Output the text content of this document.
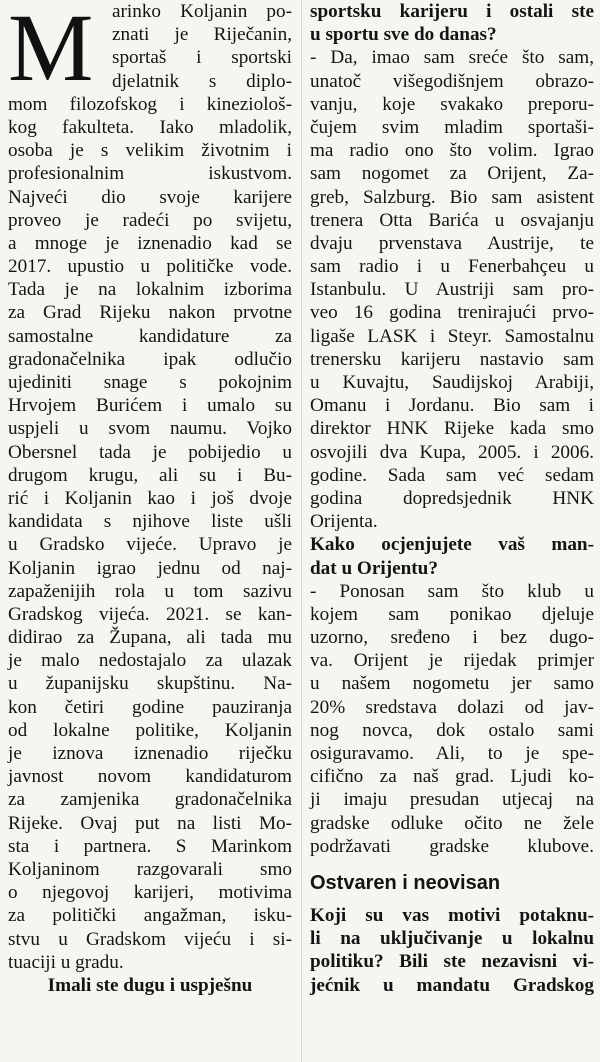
M arinko Koljanin po-
znati je Riječanin,
sportaš i sportski
djelatnik s diplo-
mom filozofskog i kineziološ-
kog fakulteta. Iako mladolik,
osoba je s velikim životnim i
profesionalnim iskustvom.
Najveći dio svoje karijere
proveo je radeći po svijetu,
a mnoge je iznenadio kad se
2017. upustio u političke vode.
Tada je na lokalnim izborima
za Grad Rijeku nakon prvotne
samostalne kandidature za
gradonačelnika ipak odlučio
ujediniti snage s pokojnim
Hrvojem Burićem i umalo su
uspjeli u svom naumu. Vojko
Obersnel tada je pobijedio u
drugom krugu, ali su i Bu-
rić i Koljanin kao i još dvoje
kandidata s njihove liste ušli
u Gradsko vijeće. Upravo je
Koljanin igrao jednu od naj-
zapaženijih rola u tom sazivu
Gradskog vijeća. 2021. se kan-
didirao za Župana, ali tada mu
je malo nedostajalo za ulazak
u županijsku skupštinu. Na-
kon četiri godine pauziranja
od lokalne politike, Koljanin
je iznova iznenadio riječku
javnost novom kandidaturom
za zamjenika gradonačelnika
Rijeke. Ovaj put na listi Mo-
sta i partnera. S Marinkom
Koljaninom razgovarali smo
o njegovoj karijeri, motivima
za politički angažman, isku-
stvu u Gradskom vijeću i si-
tuaciji u gradu.
Imali ste dugu i uspješnu
sportsku karijeru i ostali ste
u sportu sve do danas?
- Da, imao sam sreće što sam,
unatoč višegodišnjem obrazo-
vanju, koje svakako preporu-
čujem svim mladim sportaši-
ma radio ono što volim. Igrao
sam nogomet za Orijent, Za-
greb, Salzburg. Bio sam asistent
trenera Otta Barića u osvajanju
dvaju prvenstava Austrije, te
sam radio i u Fenerbahçeu u
Istanbulu. U Austriji sam pro-
veo 16 godina trenirajući prvo-
ligaše LASK i Steyr. Samostalnu
trenersku karijeru nastavio sam
u Kuvajtu, Saudijskoj Arabiji,
Omanu i Jordanu. Bio sam i
direktor HNK Rijeke kada smo
osvojili dva Kupa, 2005. i 2006.
godine. Sada sam već sedam
godina dopredsjednik HNK
Orijenta.
Kako ocjenjujete vaš man-
dat u Orijentu?
- Ponosan sam što klub u
kojem sam ponikao djeluje
uzorno, sređeno i bez dugo-
va. Orijent je rijedak primjer
u našem nogometu jer samo
20% sredstava dolazi od jav-
nog novca, dok ostalo sami
osiguravamo. Ali, to je spe-
cifično za naš grad. Ljudi ko-
ji imaju presudan utjecaj na
gradske odluke očito ne žele
podržavati gradske klubove.
Ostvaren i neovisan
Koji su vas motivi potaknu-
li na uključivanje u lokalnu
politiku? Bili ste nezavisni vi-
jećnik u mandatu Gradskog
